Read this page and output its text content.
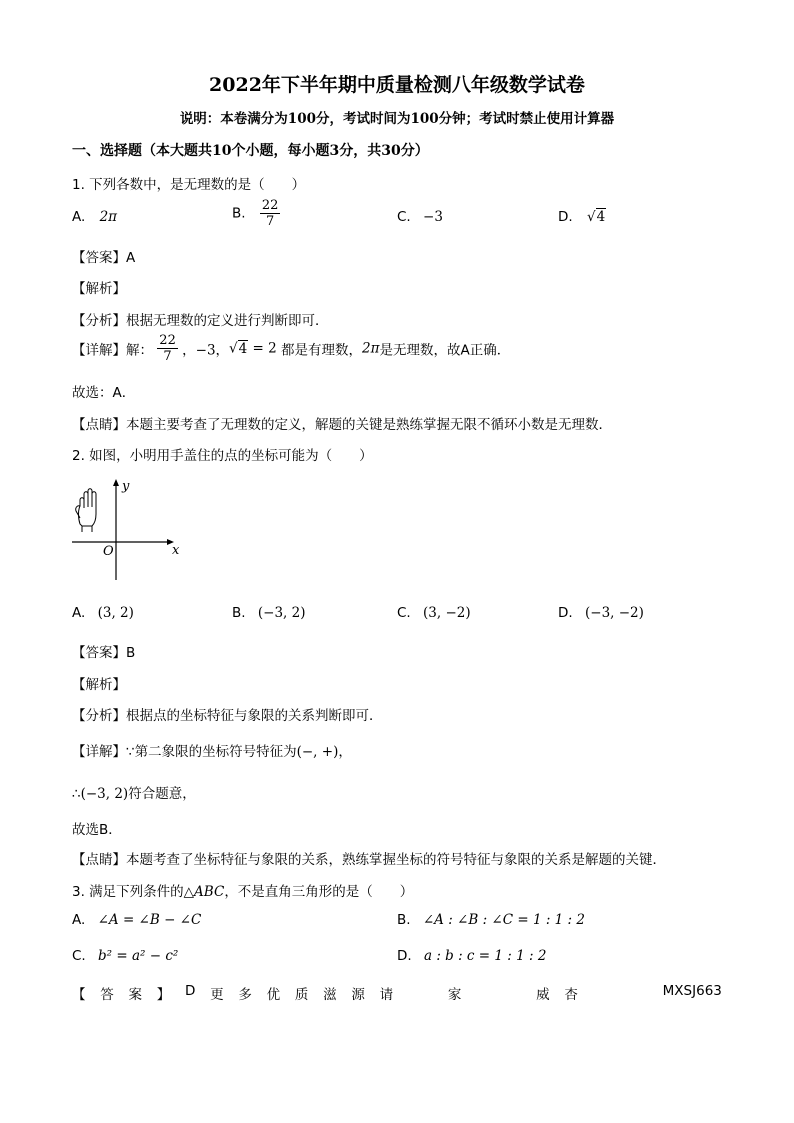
2022年下半年期中质量检测八年级数学试卷
说明：本卷满分为100分，考试时间为100分钟；考试时禁止使用计算器
一、选择题（本大题共10个小题，每小题3分，共30分）
1. 下列各数中，是无理数的是（　　）
A. 2π	B. $\frac{22}{7}$	C. −3	D. √4
【答案】A
【解析】
【分析】根据无理数的定义进行判断即可．
【详解】解： $\frac{22}{7}$ ，−3，√4 = 2 都是有理数，2π是无理数，故A正确．
故选：A．
【点睛】本题主要考查了无理数的定义，解题的关键是熟练掌握无限不循环小数是无理数．
2. 如图，小明用手盖住的点的坐标可能为（　　）
x
y
O
A. (3, 2)	B. (−3, 2)	C. (3, −2)	D. (−3, −2)
【答案】B
【解析】
【分析】根据点的坐标特征与象限的关系判断即可．
【详解】∵第二象限的坐标符号特征为(−, +)，
∴(−3, 2)符合题意，
故选B．
【点睛】本题考查了坐标特征与象限的关系，熟练掌握坐标的符号特征与象限的关系是解题的关键．
3. 满足下列条件的△ABC，不是直角三角形的是（　　）
A. ∠A = ∠B − ∠C	B. ∠A : ∠B : ∠C = 1 : 1 : 2
C. b² = a² − c²	D. a : b : c = 1 : 1 : 2
【 答 案 】 D 更 多 优 质 滋 源 请	家	威 杏	MXSJ663
